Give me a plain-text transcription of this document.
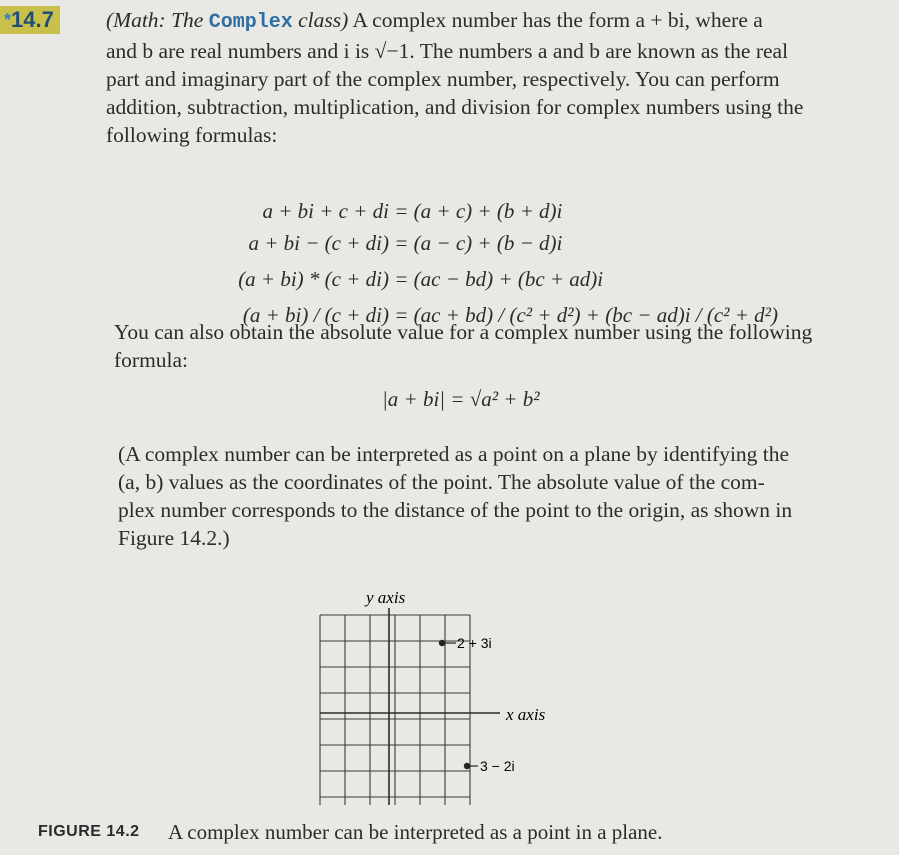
*14.7 (Math: The Complex class) A complex number has the form a + bi, where a
and b are real numbers and i is √−1. The numbers a and b are known as the real
part and imaginary part of the complex number, respectively. You can perform
addition, subtraction, multiplication, and division for complex numbers using the
following formulas:

a + bi + c + di = (a + c) + (b + d)i

a + bi − (c + di) = (a − c) + (b − d)i

(a + bi) * (c + di) = (ac − bd) + (bc + ad)i

(a + bi) / (c + di) = (ac + bd) / (c² + d²) + (bc − ad)i / (c² + d²)

You can also obtain the absolute value for a complex number using the following
formula:
|a + bi| = √a² + b²
(A complex number can be interpreted as a point on a plane by identifying the
(a, b) values as the coordinates of the point. The absolute value of the com-
plex number corresponds to the distance of the point to the origin, as shown in
Figure 14.2.)
y axis
x axis
2 + 3i
3 − 2i
FIGURE 14.2 A complex number can be interpreted as a point in a plane.
